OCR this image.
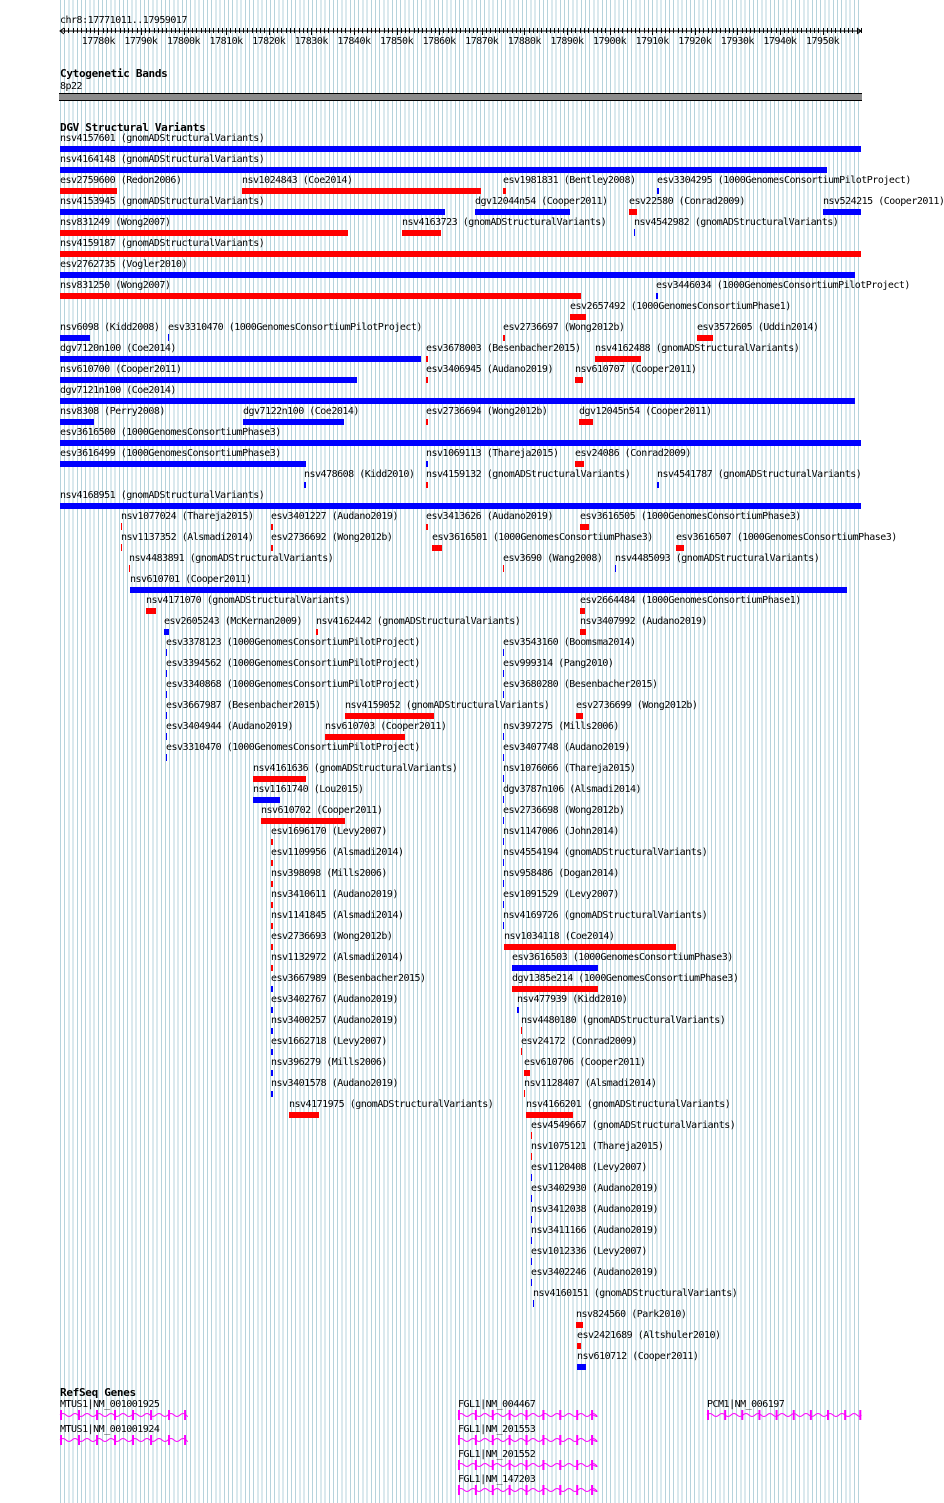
chr8:17771011..17959017
17780k 17790k 17800k 17810k 17820k 17830k 17840k 17850k 17860k 17870k 17880k 17890k 17900k 17910k 17920k 17930k 17940k 17950k
Cytogenetic Bands
8p22
DGV Structural Variants
nsv4157601 (gnomADStructuralVariants)
nsv4164148 (gnomADStructuralVariants)
esv2759600 (Redon2006)	nsv1024843 (Coe2014)	esv1981831 (Bentley2008) esv3304295 (1000GenomesConsortiumPilotProject)
nsv4153945 (gnomADStructuralVariants)	dgv12044n54 (Cooper2011) esv22580 (Conrad2009)	nsv524215 (Cooper2011)
nsv831249 (Wong2007)	nsv4163723 (gnomADStructuralVariants)	nsv4542982 (gnomADStructuralVariants)
nsv4159187 (gnomADStructuralVariants)
esv2762735 (Vogler2010)
nsv831250 (Wong2007)
esv2657492 (1000GenomesConsortiumPhase1)
nsv6098 (Kidd2008) esv3310470 (1000GenomesConsortiumPilotProject)	esv2736697 (Wong2012b)
esv3446034 (1000GenomesConsortiumPilotProject)
dgv7120n100 (Coe2014)	esv3678003 (Besenbacher2015) nsv4162488 (gnomADStructuralVariants)
nsv610700 (Cooper2011)	esv3406945 (Audano2019) nsv610707 (Cooper2011)
esv3572605 (Uddin2014)
dgv7121n100 (Coe2014)
nsv8308 (Perry2008)	dgv7122n100 (Coe2014)	esv2736694 (Wong2012b)	dgv12045n54 (Cooper2011)
esv3616500 (1000GenomesConsortiumPhase3)
esv3616499 (1000GenomesConsortiumPhase3)
nsv478608 (Kidd2010)
nsv1069113 (Thareja2015) esv24086 (Conrad2009)
nsv4168951 (gnomADStructuralVariants)
nsv1077024 (Thareja2015) esv3401227 (Audano2019)
nsv4159132 (gnomADStructuralVariants)	nsv4541787 (gnomADStructuralVariants)
nsv1137352 (Alsmadi2014) esv2736692 (Wong2012b)
esv3413626 (Audano2019)	esv3616505 (1000GenomesConsortiumPhase3)
nsv4483891 (gnomADStructuralVariants)
esv3616501 (1000GenomesConsortiumPhase3) esv3616507 (1000GenomesConsortiumPhase3)
nsv610701 (Cooper2011)
nsv4171070 (gnomADStructuralVariants)
esv3690 (Wang2008) nsv4485093 (gnomADStructuralVariants)
esv2605243 (McKernan2009) nsv4162442 (gnomADStructuralVariants)
esv2664484 (1000GenomesConsortiumPhase1)
esv3378123 (1000GenomesConsortiumPilotProject)	esv3543160 (Boomsma2014)
esv3394562 (1000GenomesConsortiumPilotProject)	esv999314 (Pang2010)
esv3340868 (1000GenomesConsortiumPilotProject)	esv3680280 (Besenbacher2015)
esv3667987 (Besenbacher2015) nsv4159052 (gnomADStructuralVariants)
nsv3407992 (Audano2019)
esv3404944 (Audano2019)	nsv610703 (Cooper2011)	nsv397275 (Mills2006)
esv3310470 (1000GenomesConsortiumPilotProject)	esv3407748 (Audano2019)
nsv4161636 (gnomADStructuralVariants)	nsv1076066 (Thareja2015)
nsv1161740 (Lou2015)	dgv3787n106 (Alsmadi2014)
nsv610702 (Cooper2011)	esv2736698 (Wong2012b)
esv1696170 (Levy2007)	nsv1147006 (John2014)
esv1109956 (Alsmadi2014)	nsv4554194 (gnomADStructuralVariants)
nsv398098 (Mills2006)	nsv958486 (Dogan2014)
nsv3410611 (Audano2019)	esv1091529 (Levy2007)
nsv1141845 (Alsmadi2014)	nsv4169726 (gnomADStructuralVariants)
esv2736693 (Wong2012b)	nsv1034118 (Coe2014)
nsv1132972 (Alsmadi2014)	esv3616503 (1000GenomesConsortiumPhase3)
esv3667989 (Besenbacher2015)	dgv1385e214 (1000GenomesConsortiumPhase3)
esv3402767 (Audano2019)	nsv477939 (Kidd2010)
nsv3400257 (Audano2019)	nsv4480180 (gnomADStructuralVariants)
esv1662718 (Levy2007)	esv24172 (Conrad2009)
nsv396279 (Mills2006)	esv610706 (Cooper2011)
nsv3401578 (Audano2019)	nsv1128407 (Alsmadi2014)
nsv4171975 (gnomADStructuralVariants)	nsv4166201 (gnomADStructuralVariants)
esv4549667 (gnomADStructuralVariants)
nsv1075121 (Thareja2015)
esv1120408 (Levy2007)
esv3402930 (Audano2019)
nsv3412038 (Audano2019)
nsv3411166 (Audano2019)
esv1012336 (Levy2007)
esv3402246 (Audano2019)
nsv4160151 (gnomADStructuralVariants)
esv2736699 (Wong2012b)
nsv824560 (Park2010)
esv2421689 (Altshuler2010)
nsv610712 (Cooper2011)
RefSeq Genes
MTUS1|NM_001001925
MTUS1|NM_001001924
FGL1|NM_004467
FGL1|NM_201553
FGL1|NM_201552
FGL1|NM_147203
PCM1|NM_006197
